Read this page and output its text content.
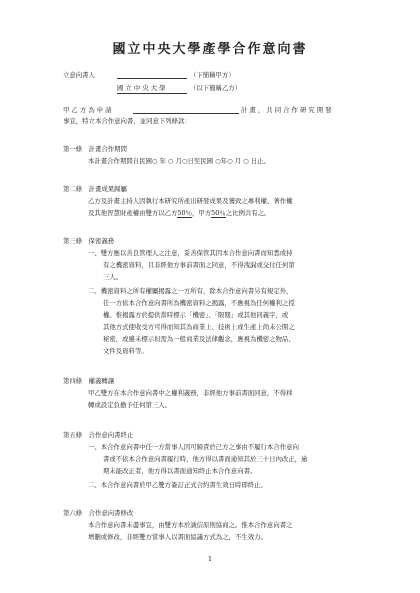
國立中央大學產學合作意向書
立意向書人	（下簡稱甲方）
國 立 中 央 大 學	（以下簡稱乙方）
甲 乙 方 為 申 請	計 畫 ， 共 同 合 作 研 究 開 發
事宜，特立本合作意向書，並同意下列條款：
第一條　計畫合作期間
本計畫合作期間自民國○ 年 ○ 月○日至民國 ○年○ 月 ○ 日止。
第二條　計畫成果歸屬
乙方及計畫主持人因執行本研究所產出研發成果及獲致之專利權、著作權
及其他智慧財產權由雙方以乙方50％，甲方50％之比例共有之。
第三條　保密義務
一、雙方應以善良管理人之注意，妥善保管其因本合作意向書而知悉或持
有之機密資料，且非經他方事前書面之同意，不得洩漏或交付任何第
三人。
二、機密資料之所有權屬揭露之一方所有，除本合作意向書另有規定外，
任一方依本合作意向書所為機密資料之揭露，不應視為任何權利之授
權。惟揭露方於提供當時標示「機密」、「限閱」或其他同義字，或
其他方式使收受方可得而知其為商業上、技術上或生產上尚未公開之
秘密，或雖未標示但需為一般商業及法律觀念，應視為機密之物品、
文件及資料等。
第四條　權義轉讓
甲乙雙方在本合作意向書中之權利義務，非經他方事前書面同意，不得移
轉或設定負擔予任何第三人。
第五條　合作意向書終止
一、本合作意向書中任一方當事人因可歸責於己方之事由不履行本合作意向
書或不依本合作意向書履行時，他方得以書面通知其於三十日內改正，逾
期未能改正者，他方得以書面通知終止本合作意向書。
二、本合作意向書於甲乙雙方簽訂正式合約書生效日時即終止。
第六條　合作意向書修改
本合作意向書未盡事宜，由雙方本於誠信原則協商之。惟本合作意向書之
增刪或修改，非經雙方當事人以書面協議方式為之，不生效力。
1
